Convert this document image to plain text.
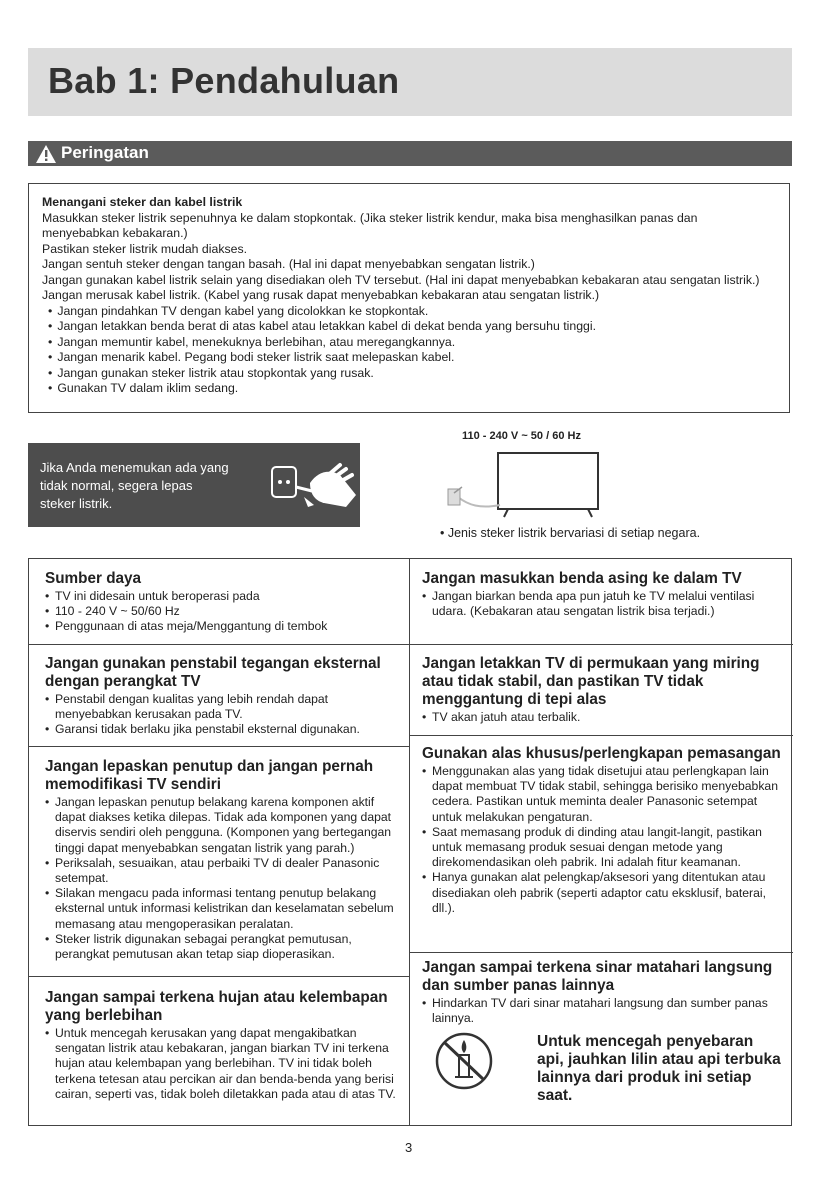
Bab 1: Pendahuluan
Peringatan

Menangani steker dan kabel listrik

Masukkan steker listrik sepenuhnya ke dalam stopkontak. (Jika steker listrik kendur, maka bisa menghasilkan panas dan menyebabkan kebakaran.)

Pastikan steker listrik mudah diakses.

Jangan sentuh steker dengan tangan basah. (Hal ini dapat menyebabkan sengatan listrik.)

Jangan gunakan kabel listrik selain yang disediakan oleh TV tersebut. (Hal ini dapat menyebabkan kebakaran atau sengatan listrik.)

Jangan merusak kabel listrik. (Kabel yang rusak dapat menyebabkan kebakaran atau sengatan listrik.)

• Jangan pindahkan TV dengan kabel yang dicolokkan ke stopkontak.
• Jangan letakkan benda berat di atas kabel atau letakkan kabel di dekat benda yang bersuhu tinggi.
• Jangan memuntir kabel, menekuknya berlebihan, atau meregangkannya.
• Jangan menarik kabel. Pegang bodi steker listrik saat melepaskan kabel.
• Jangan gunakan steker listrik atau stopkontak yang rusak.
• Gunakan TV dalam iklim sedang.
Jika Anda menemukan ada yang tidak normal, segera lepas steker listrik.
110 - 240 V ~ 50 / 60 Hz
• Jenis steker listrik bervariasi di setiap negara.
Sumber daya
• TV ini didesain untuk beroperasi pada
• 110 - 240 V ~ 50/60 Hz
• Penggunaan di atas meja/Menggantung di tembok
Jangan gunakan penstabil tegangan eksternal dengan perangkat TV
• Penstabil dengan kualitas yang lebih rendah dapat menyebabkan kerusakan pada TV.
• Garansi tidak berlaku jika penstabil eksternal digunakan.
Jangan lepaskan penutup dan jangan pernah memodifikasi TV sendiri
• Jangan lepaskan penutup belakang karena komponen aktif dapat diakses ketika dilepas. Tidak ada komponen yang dapat diservis sendiri oleh pengguna. (Komponen yang bertegangan tinggi dapat menyebabkan sengatan listrik yang parah.)
• Periksalah, sesuaikan, atau perbaiki TV di dealer Panasonic setempat.
• Silakan mengacu pada informasi tentang penutup belakang eksternal untuk informasi kelistrikan dan keselamatan sebelum memasang atau mengoperasikan peralatan.
• Steker listrik digunakan sebagai perangkat pemutusan, perangkat pemutusan akan tetap siap dioperasikan.
Jangan sampai terkena hujan atau kelembapan yang berlebihan
• Untuk mencegah kerusakan yang dapat mengakibatkan sengatan listrik atau kebakaran, jangan biarkan TV ini terkena hujan atau kelembapan yang berlebihan. TV ini tidak boleh terkena tetesan atau percikan air dan benda-benda yang berisi cairan, seperti vas, tidak boleh diletakkan pada atau di atas TV.
Jangan masukkan benda asing ke dalam TV
• Jangan biarkan benda apa pun jatuh ke TV melalui ventilasi udara. (Kebakaran atau sengatan listrik bisa terjadi.)
Jangan letakkan TV di permukaan yang miring atau tidak stabil, dan pastikan TV tidak menggantung di tepi alas
• TV akan jatuh atau terbalik.
Gunakan alas khusus/perlengkapan pemasangan
• Menggunakan alas yang tidak disetujui atau perlengkapan lain dapat membuat TV tidak stabil, sehingga berisiko menyebabkan cedera. Pastikan untuk meminta dealer Panasonic setempat untuk melakukan pengaturan.
• Saat memasang produk di dinding atau langit-langit, pastikan untuk memasang produk sesuai dengan metode yang direkomendasikan oleh pabrik. Ini adalah fitur keamanan.
• Hanya gunakan alat pelengkap/aksesori yang ditentukan atau disediakan oleh pabrik (seperti adaptor catu eksklusif, baterai, dll.).
Jangan sampai terkena sinar matahari langsung dan sumber panas lainnya
• Hindarkan TV dari sinar matahari langsung dan sumber panas lainnya.
Untuk mencegah penyebaran api, jauhkan lilin atau api terbuka lainnya dari produk ini setiap saat.
3
